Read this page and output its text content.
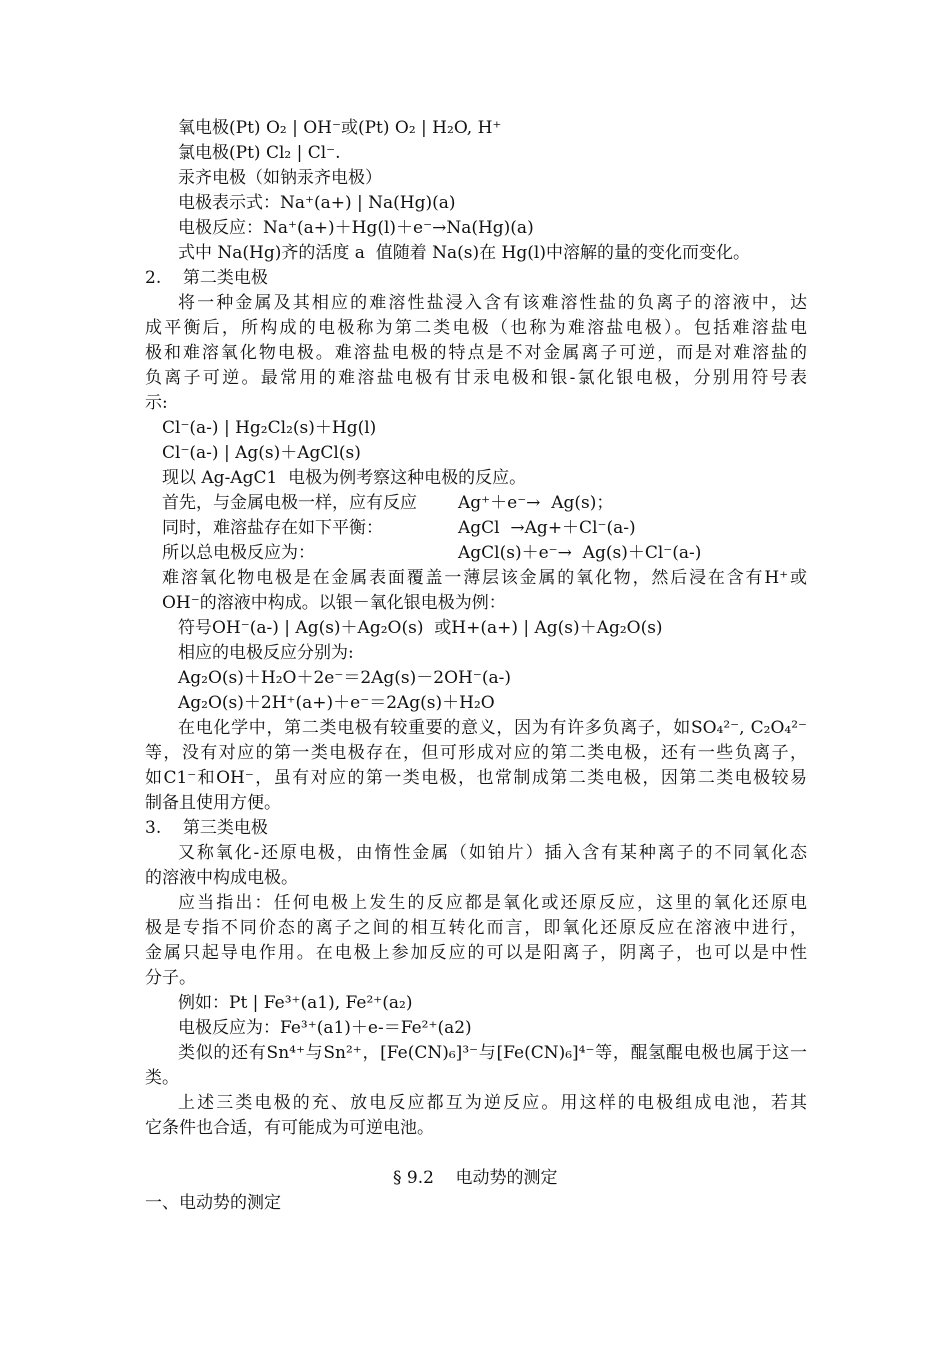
氧电极(Pt) O₂ | OH⁻或(Pt) O₂ | H₂O, H⁺
氯电极(Pt) Cl₂ | Cl⁻.
汞齐电极（如钠汞齐电极）
电极表示式：Na⁺(a+) | Na(Hg)(a)
电极反应：Na⁺(a+)＋Hg(l)＋e⁻→Na(Hg)(a)
式中 Na(Hg)齐的活度 a  值随着 Na(s)在 Hg(l)中溶解的量的变化而变化。
2.    第二类电极
将一种金属及其相应的难溶性盐浸入含有该难溶性盐的负离子的溶液中，达
成平衡后，所构成的电极称为第二类电极（也称为难溶盐电极）。包括难溶盐电
极和难溶氧化物电极。难溶盐电极的特点是不对金属离子可逆，而是对难溶盐的
负离子可逆。最常用的难溶盐电极有甘汞电极和银-氯化银电极，分别用符号表
示:
Cl⁻(a-) | Hg₂Cl₂(s)＋Hg(l)
Cl⁻(a-) | Ag(s)＋AgCl(s)
现以 Ag-AgC1  电极为例考察这种电极的反应。
首先，与金属电极一样，应有反应 Ag⁺＋e⁻→  Ag(s)；
同时，难溶盐存在如下平衡：	AgCl  →Ag+＋Cl⁻(a-)
所以总电极反应为：	AgCl(s)＋e⁻→  Ag(s)＋Cl⁻(a-)
难溶氧化物电极是在金属表面覆盖一薄层该金属的氧化物，然后浸在含有H⁺或
OH⁻的溶液中构成。以银－氧化银电极为例：
符号OH⁻(a-) | Ag(s)＋Ag₂O(s)  或H+(a+) | Ag(s)＋Ag₂O(s)
相应的电极反应分别为:
Ag₂O(s)＋H₂O＋2e⁻＝2Ag(s)－2OH⁻(a-)
Ag₂O(s)＋2H⁺(a+)＋e⁻＝2Ag(s)＋H₂O
在电化学中，第二类电极有较重要的意义，因为有许多负离子，如SO₄²⁻, C₂O₄²⁻
等，没有对应的第一类电极存在，但可形成对应的第二类电极，还有一些负离子，
如C1⁻和OH⁻，虽有对应的第一类电极，也常制成第二类电极，因第二类电极较易
制备且使用方便。
3.    第三类电极
又称氧化-还原电极，由惰性金属（如铂片）插入含有某种离子的不同氧化态
的溶液中构成电极。
应当指出：任何电极上发生的反应都是氧化或还原反应，这里的氧化还原电
极是专指不同价态的离子之间的相互转化而言，即氧化还原反应在溶液中进行，
金属只起导电作用。在电极上参加反应的可以是阳离子，阴离子，也可以是中性
分子。
例如：Pt | Fe³⁺(a1), Fe²⁺(a₂)
电极反应为：Fe³⁺(a1)＋e-＝Fe²⁺(a2)
类似的还有Sn⁴⁺与Sn²⁺，[Fe(CN)₆]³⁻与[Fe(CN)₆]⁴⁻等，醌氢醌电极也属于这一
类。
上述三类电极的充、放电反应都互为逆反应。用这样的电极组成电池，若其
它条件也合适，有可能成为可逆电池。
§ 9.2    电动势的测定
一、电动势的测定
